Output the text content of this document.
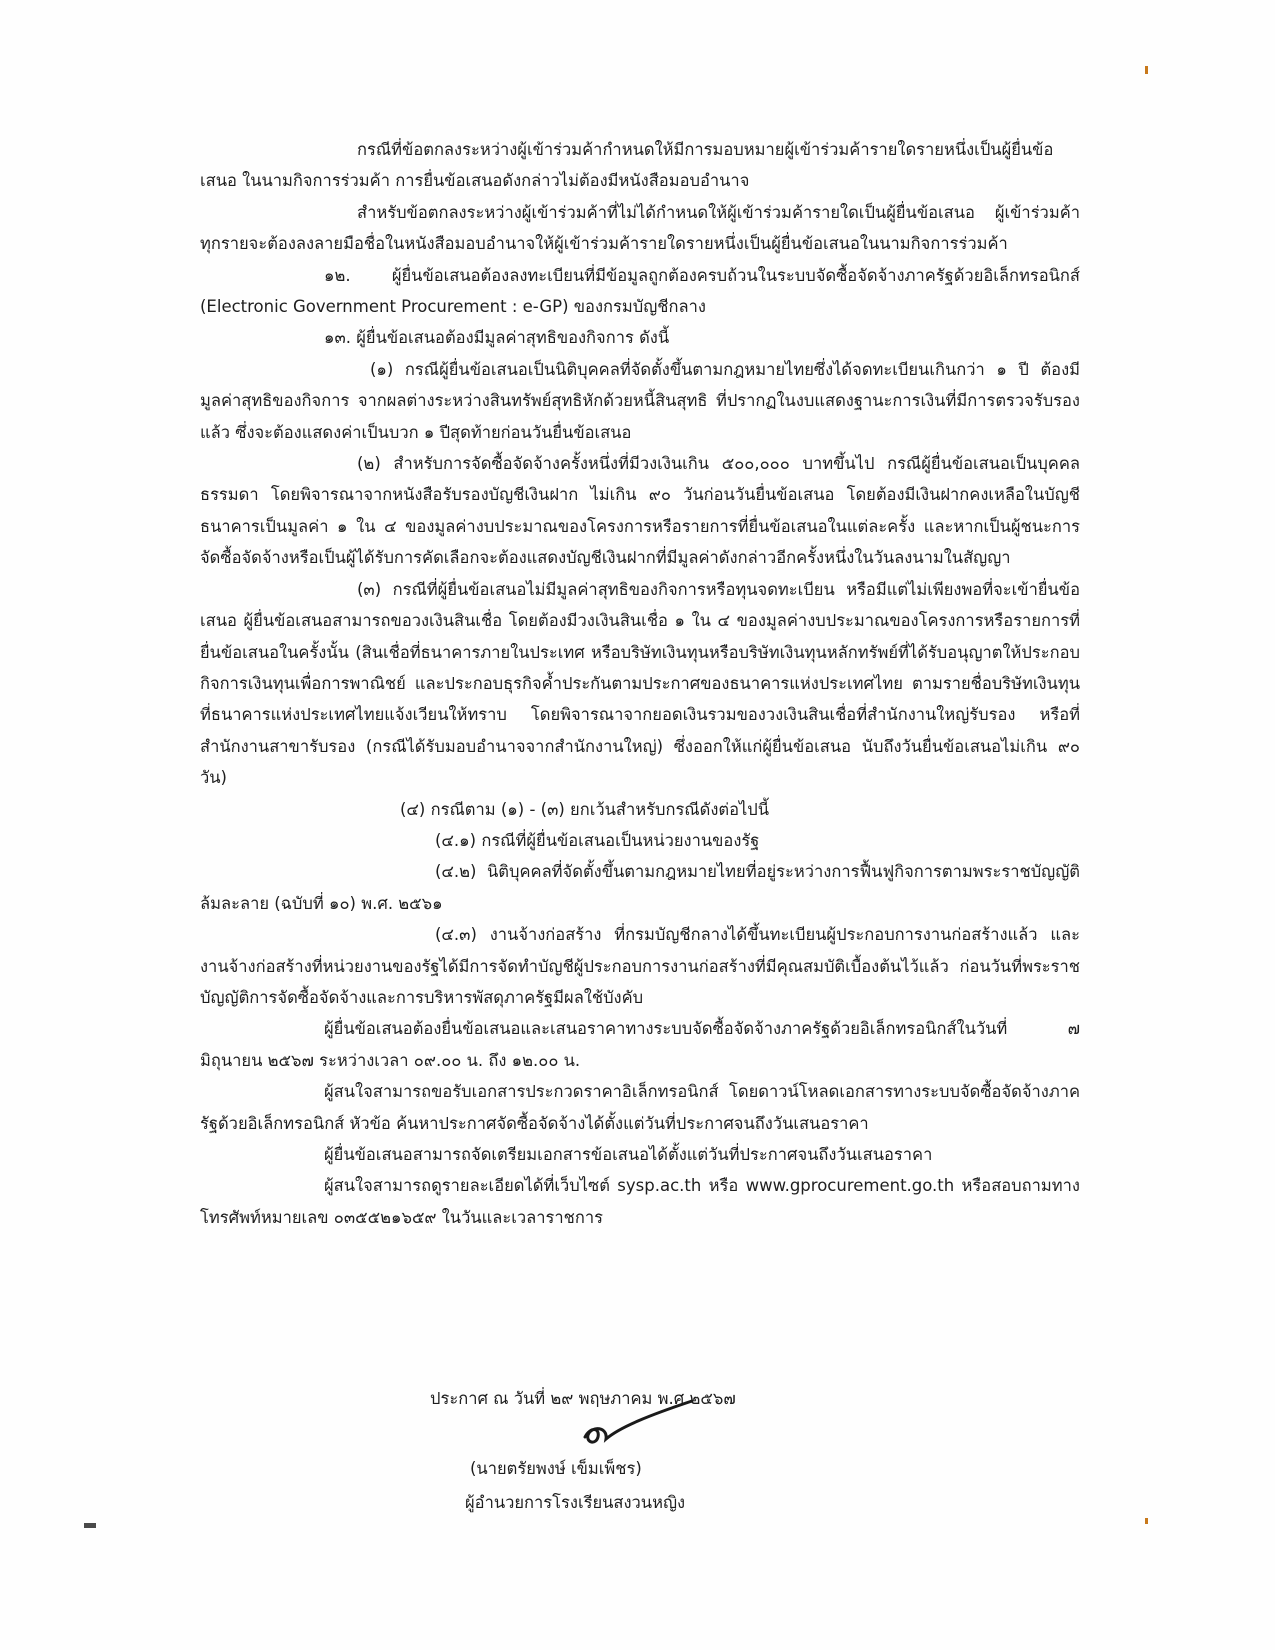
กรณีที่ข้อตกลงระหว่างผู้เข้าร่วมค้ากำหนดให้มีการมอบหมายผู้เข้าร่วมค้ารายใดรายหนึ่งเป็นผู้ยื่นข้อเสนอ ในนามกิจการร่วมค้า การยื่นข้อเสนอดังกล่าวไม่ต้องมีหนังสือมอบอำนาจ

สำหรับข้อตกลงระหว่างผู้เข้าร่วมค้าที่ไม่ได้กำหนดให้ผู้เข้าร่วมค้ารายใดเป็นผู้ยื่นข้อเสนอ ผู้เข้าร่วมค้าทุกรายจะต้องลงลายมือชื่อในหนังสือมอบอำนาจให้ผู้เข้าร่วมค้ารายใดรายหนึ่งเป็นผู้ยื่นข้อเสนอในนามกิจการร่วมค้า

๑๒. ผู้ยื่นข้อเสนอต้องลงทะเบียนที่มีข้อมูลถูกต้องครบถ้วนในระบบจัดซื้อจัดจ้างภาครัฐด้วยอิเล็กทรอนิกส์ (Electronic Government Procurement : e-GP) ของกรมบัญชีกลาง

๑๓. ผู้ยื่นข้อเสนอต้องมีมูลค่าสุทธิของกิจการ ดังนี้

(๑) กรณีผู้ยื่นข้อเสนอเป็นนิติบุคคลที่จัดตั้งขึ้นตามกฎหมายไทยซึ่งได้จดทะเบียนเกินกว่า ๑ ปี ต้องมีมูลค่าสุทธิของกิจการ จากผลต่างระหว่างสินทรัพย์สุทธิหักด้วยหนี้สินสุทธิ ที่ปรากฏในงบแสดงฐานะการเงินที่มีการตรวจรับรองแล้ว ซึ่งจะต้องแสดงค่าเป็นบวก ๑ ปีสุดท้ายก่อนวันยื่นข้อเสนอ

(๒) สำหรับการจัดซื้อจัดจ้างครั้งหนึ่งที่มีวงเงินเกิน ๕๐๐,๐๐๐ บาทขึ้นไป กรณีผู้ยื่นข้อเสนอเป็นบุคคลธรรมดา โดยพิจารณาจากหนังสือรับรองบัญชีเงินฝาก ไม่เกิน ๙๐ วันก่อนวันยื่นข้อเสนอ โดยต้องมีเงินฝากคงเหลือในบัญชีธนาคารเป็นมูลค่า ๑ ใน ๔ ของมูลค่างบประมาณของโครงการหรือรายการที่ยื่นข้อเสนอในแต่ละครั้ง และหากเป็นผู้ชนะการจัดซื้อจัดจ้างหรือเป็นผู้ได้รับการคัดเลือกจะต้องแสดงบัญชีเงินฝากที่มีมูลค่าดังกล่าวอีกครั้งหนึ่งในวันลงนามในสัญญา

(๓) กรณีที่ผู้ยื่นข้อเสนอไม่มีมูลค่าสุทธิของกิจการหรือทุนจดทะเบียน หรือมีแต่ไม่เพียงพอที่จะเข้ายื่นข้อเสนอ ผู้ยื่นข้อเสนอสามารถขอวงเงินสินเชื่อ โดยต้องมีวงเงินสินเชื่อ ๑ ใน ๔ ของมูลค่างบประมาณของโครงการหรือรายการที่ยื่นข้อเสนอในครั้งนั้น (สินเชื่อที่ธนาคารภายในประเทศ หรือบริษัทเงินทุนหรือบริษัทเงินทุนหลักทรัพย์ที่ได้รับอนุญาตให้ประกอบกิจการเงินทุนเพื่อการพาณิชย์ และประกอบธุรกิจค้ำประกันตามประกาศของธนาคารแห่งประเทศไทย ตามรายชื่อบริษัทเงินทุนที่ธนาคารแห่งประเทศไทยแจ้งเวียนให้ทราบ โดยพิจารณาจากยอดเงินรวมของวงเงินสินเชื่อที่สำนักงานใหญ่รับรอง หรือที่สำนักงานสาขารับรอง (กรณีได้รับมอบอำนาจจากสำนักงานใหญ่) ซึ่งออกให้แก่ผู้ยื่นข้อเสนอ นับถึงวันยื่นข้อเสนอไม่เกิน ๙๐ วัน)

(๔) กรณีตาม (๑) - (๓) ยกเว้นสำหรับกรณีดังต่อไปนี้

(๔.๑) กรณีที่ผู้ยื่นข้อเสนอเป็นหน่วยงานของรัฐ

(๔.๒) นิติบุคคลที่จัดตั้งขึ้นตามกฎหมายไทยที่อยู่ระหว่างการฟื้นฟูกิจการตามพระราชบัญญัติล้มละลาย (ฉบับที่ ๑๐) พ.ศ. ๒๕๖๑

(๔.๓) งานจ้างก่อสร้าง ที่กรมบัญชีกลางได้ขึ้นทะเบียนผู้ประกอบการงานก่อสร้างแล้ว และงานจ้างก่อสร้างที่หน่วยงานของรัฐได้มีการจัดทำบัญชีผู้ประกอบการงานก่อสร้างที่มีคุณสมบัติเบื้องต้นไว้แล้ว ก่อนวันที่พระราชบัญญัติการจัดซื้อจัดจ้างและการบริหารพัสดุภาครัฐมีผลใช้บังคับ

ผู้ยื่นข้อเสนอต้องยื่นข้อเสนอและเสนอราคาทางระบบจัดซื้อจัดจ้างภาครัฐด้วยอิเล็กทรอนิกส์ในวันที่ ๗ มิถุนายน ๒๕๖๗ ระหว่างเวลา ๐๙.๐๐ น. ถึง ๑๒.๐๐ น.

ผู้สนใจสามารถขอรับเอกสารประกวดราคาอิเล็กทรอนิกส์ โดยดาวน์โหลดเอกสารทางระบบจัดซื้อจัดจ้างภาครัฐด้วยอิเล็กทรอนิกส์ หัวข้อ ค้นหาประกาศจัดซื้อจัดจ้างได้ตั้งแต่วันที่ประกาศจนถึงวันเสนอราคา

ผู้ยื่นข้อเสนอสามารถจัดเตรียมเอกสารข้อเสนอได้ตั้งแต่วันที่ประกาศจนถึงวันเสนอราคา

ผู้สนใจสามารถดูรายละเอียดได้ที่เว็บไซต์ sysp.ac.th หรือ www.gprocurement.go.th หรือสอบถามทางโทรศัพท์หมายเลข ๐๓๕๕๒๑๖๕๙ ในวันและเวลาราชการ

ประกาศ ณ วันที่ ๒๙ พฤษภาคม พ.ศ.๒๕๖๗
(นายตรัยพงษ์ เข็มเพ็ชร)
ผู้อำนวยการโรงเรียนสงวนหญิง
